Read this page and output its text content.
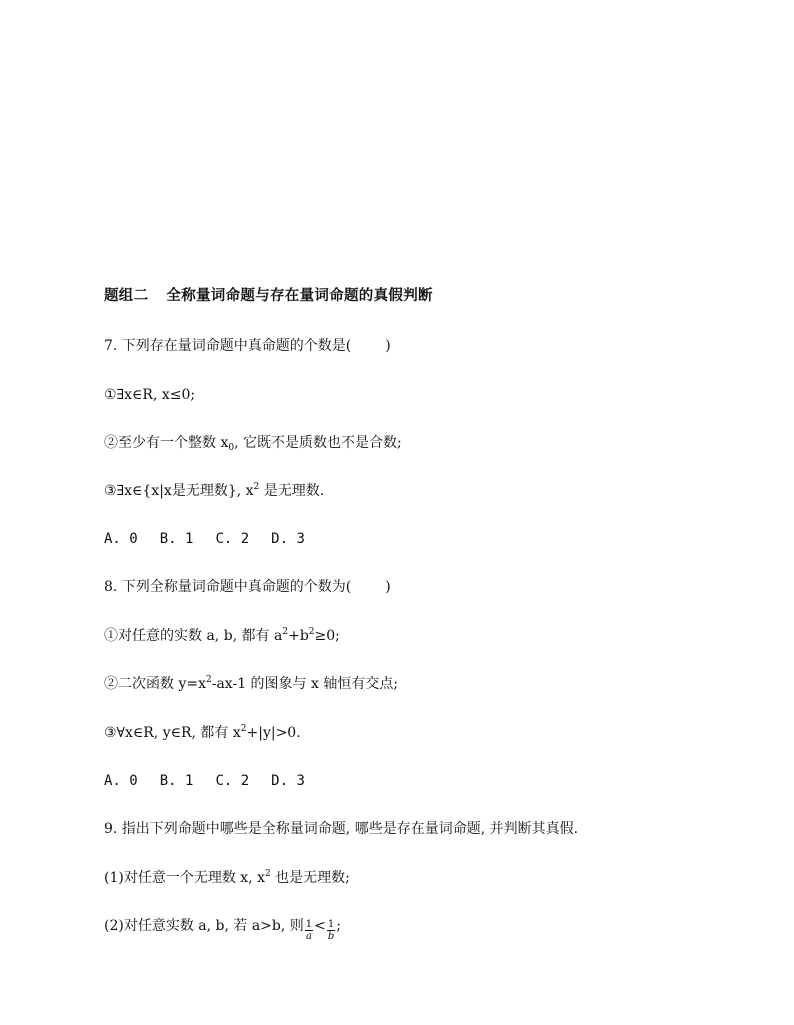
题组二 全称量词命题与存在量词命题的真假判断
7. 下列存在量词命题中真命题的个数是( )
①∃x∈R, x≤0;
②至少有一个整数 $x_0$, 它既不是质数也不是合数;
③∃x∈{x|x是无理数}, $x^2$ 是无理数.
A. 0 B. 1 C. 2 D. 3
8. 下列全称量词命题中真命题的个数为( )
①对任意的实数 a, b, 都有 $a^2+b^2\ge 0$;
②二次函数 $y=x^2-ax-1$ 的图象与 x 轴恒有交点;
③∀x∈R, y∈R, 都有 $x^2+|y|>0$.
A. 0 B. 1 C. 2 D. 3
9. 指出下列命题中哪些是全称量词命题, 哪些是存在量词命题, 并判断其真假.
(1)对任意一个无理数 x, $x^2$ 也是无理数;
(2)对任意实数 a, b, 若 a>b, 则 $\frac{1}{a} < \frac{1}{b}$ ;
